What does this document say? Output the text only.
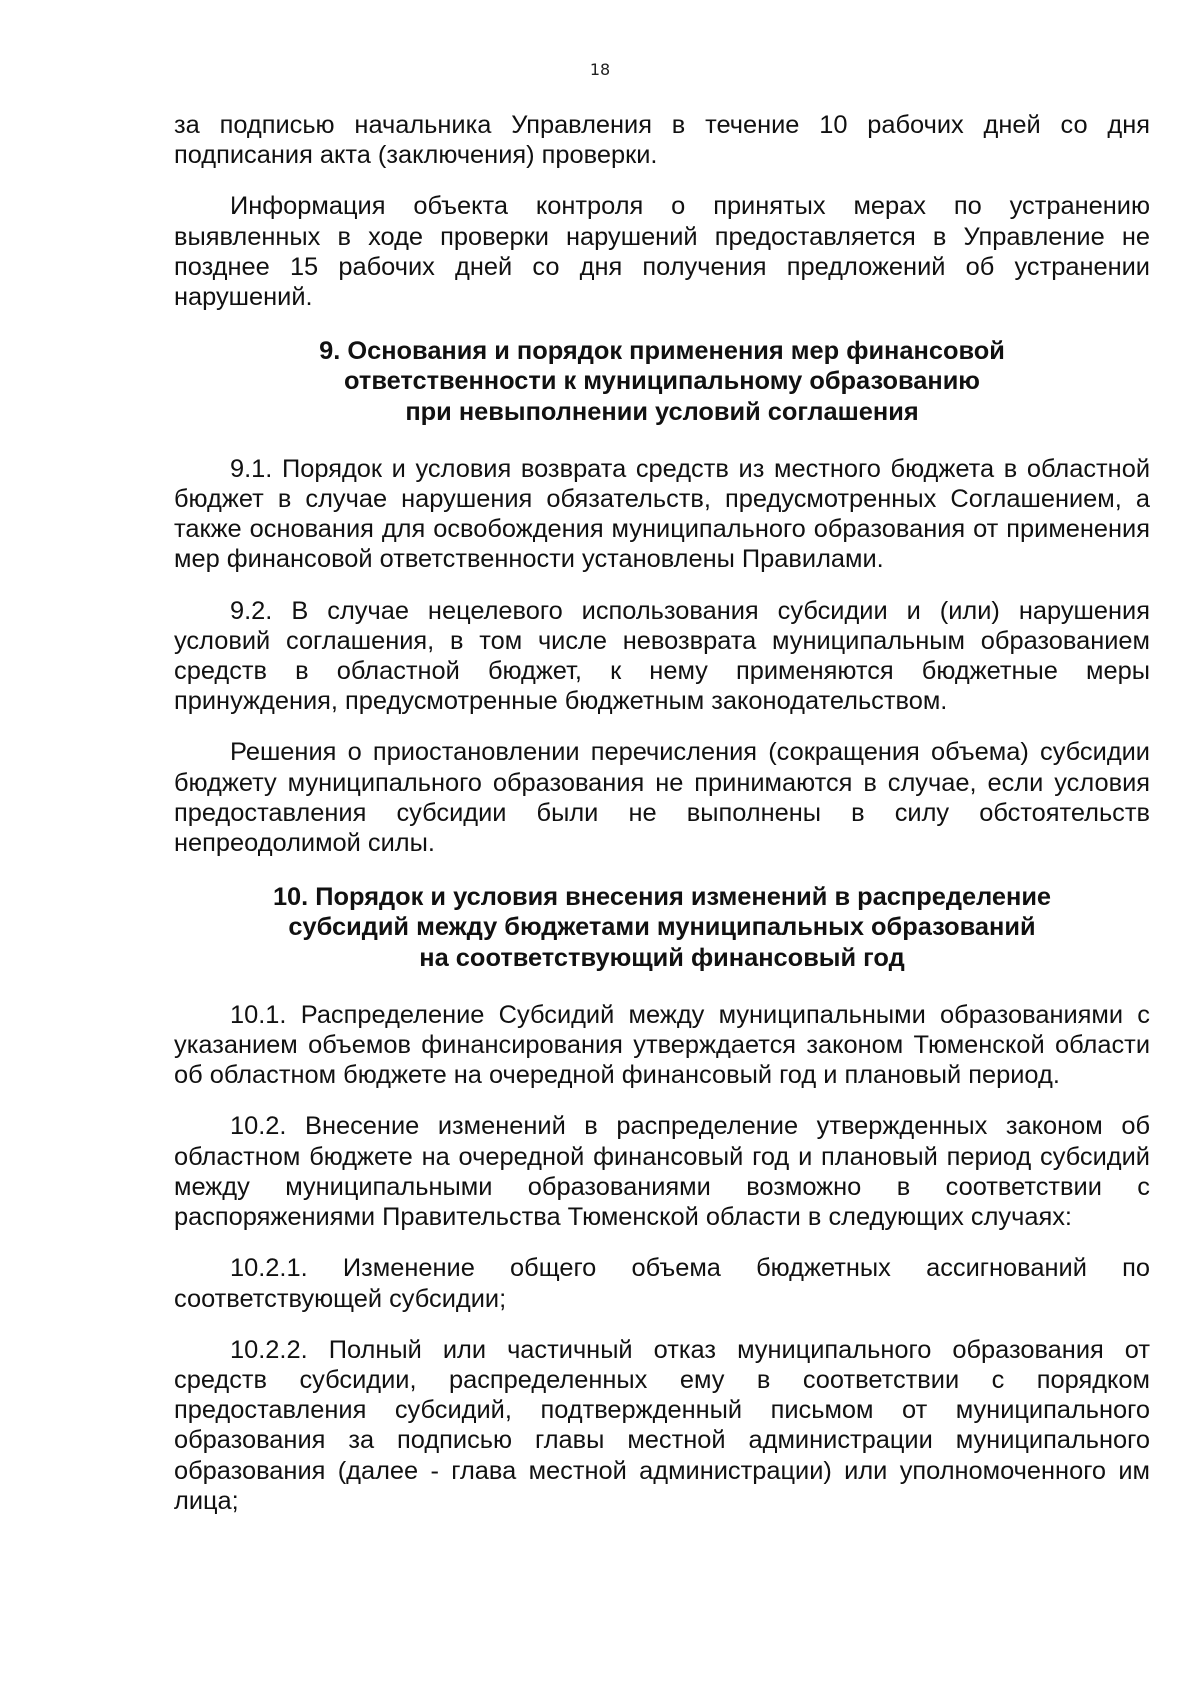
18

за подписью начальника Управления в течение 10 рабочих дней со дня подписания акта (заключения) проверки.

Информация объекта контроля о принятых мерах по устранению выявленных в ходе проверки нарушений предоставляется в Управление не позднее 15 рабочих дней со дня получения предложений об устранении нарушений.

9. Основания и порядок применения мер финансовой
ответственности к муниципальному образованию
при невыполнении условий соглашения

9.1. Порядок и условия возврата средств из местного бюджета в областной бюджет в случае нарушения обязательств, предусмотренных Соглашением, а также основания для освобождения муниципального образования от применения мер финансовой ответственности установлены Правилами.

9.2. В случае нецелевого использования субсидии и (или) нарушения условий соглашения, в том числе невозврата муниципальным образованием средств в областной бюджет, к нему применяются бюджетные меры принуждения, предусмотренные бюджетным законодательством.

Решения о приостановлении перечисления (сокращения объема) субсидии бюджету муниципального образования не принимаются в случае, если условия предоставления субсидии были не выполнены в силу обстоятельств непреодолимой силы.

10. Порядок и условия внесения изменений в распределение
субсидий между бюджетами муниципальных образований
на соответствующий финансовый год

10.1. Распределение Субсидий между муниципальными образованиями с указанием объемов финансирования утверждается законом Тюменской области об областном бюджете на очередной финансовый год и плановый период.

10.2. Внесение изменений в распределение утвержденных законом об областном бюджете на очередной финансовый год и плановый период субсидий между муниципальными образованиями возможно в соответствии с распоряжениями Правительства Тюменской области в следующих случаях:

10.2.1. Изменение общего объема бюджетных ассигнований по соответствующей субсидии;

10.2.2. Полный или частичный отказ муниципального образования от средств субсидии, распределенных ему в соответствии с порядком предоставления субсидий, подтвержденный письмом от муниципального образования за подписью главы местной администрации муниципального образования (далее - глава местной администрации) или уполномоченного им лица;
